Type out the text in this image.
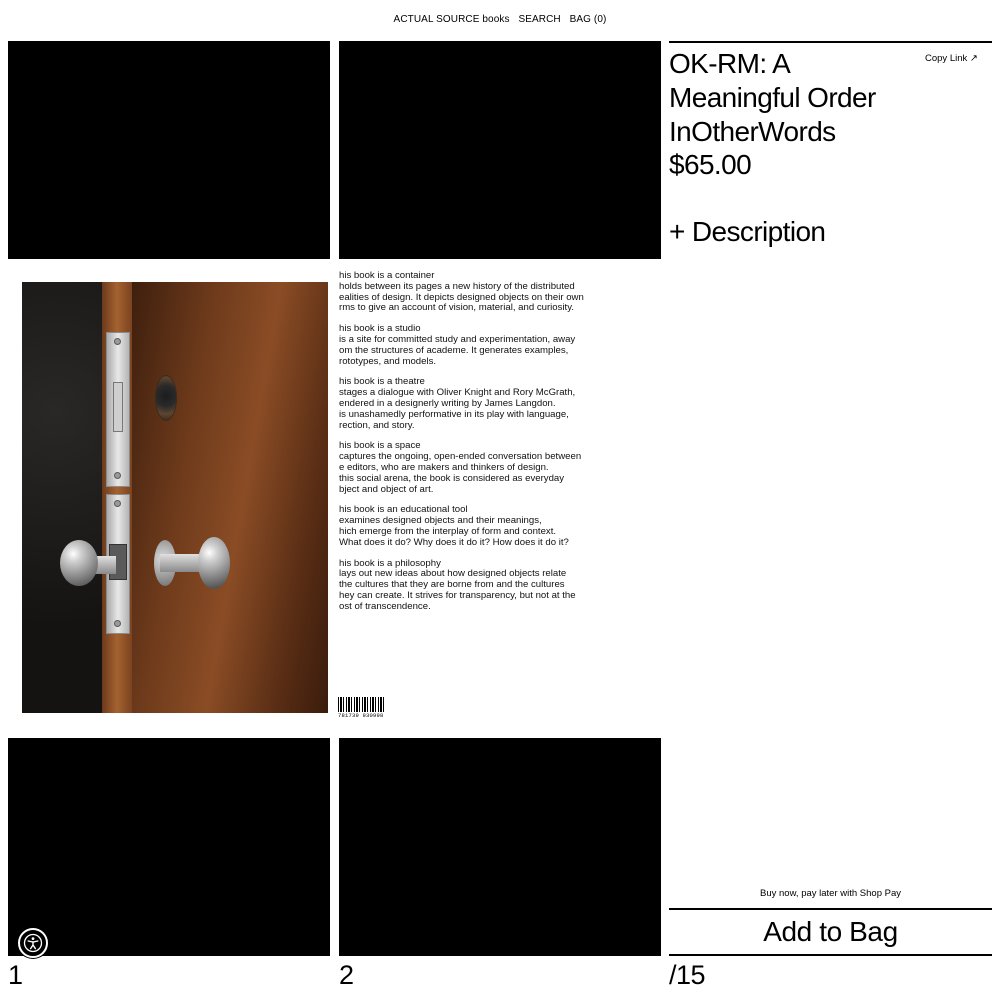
ACTUAL SOURCE books SEARCH BAG (0)
his book is a container
holds between its pages a new history of the distributed
ealities of design. It depicts designed objects on their own
rms to give an account of vision, material, and curiosity.
his book is a studio
is a site for committed study and experimentation, away
om the structures of academe. It generates examples,
rototypes, and models.
his book is a theatre
stages a dialogue with Oliver Knight and Rory McGrath,
endered in a designerly writing by James Langdon.
is unashamedly performative in its play with language,
rection, and story.
his book is a space
captures the ongoing, open-ended conversation between
e editors, who are makers and thinkers of design.
this social arena, the book is considered as everyday
bject and object of art.
his book is an educational tool
examines designed objects and their meanings,
hich emerge from the interplay of form and context.
What does it do? Why does it do it? How does it do it?
his book is a philosophy
lays out new ideas about how designed objects relate
the cultures that they are borne from and the cultures
hey can create. It strives for transparency, but not at the
ost of transcendence.
781739 930998
Copy Link ↗
OK-RM: A
Meaningful Order
InOtherWords
$65.00
+ Description
Buy now, pay later with Shop Pay
Add to Bag
1	2	/15
